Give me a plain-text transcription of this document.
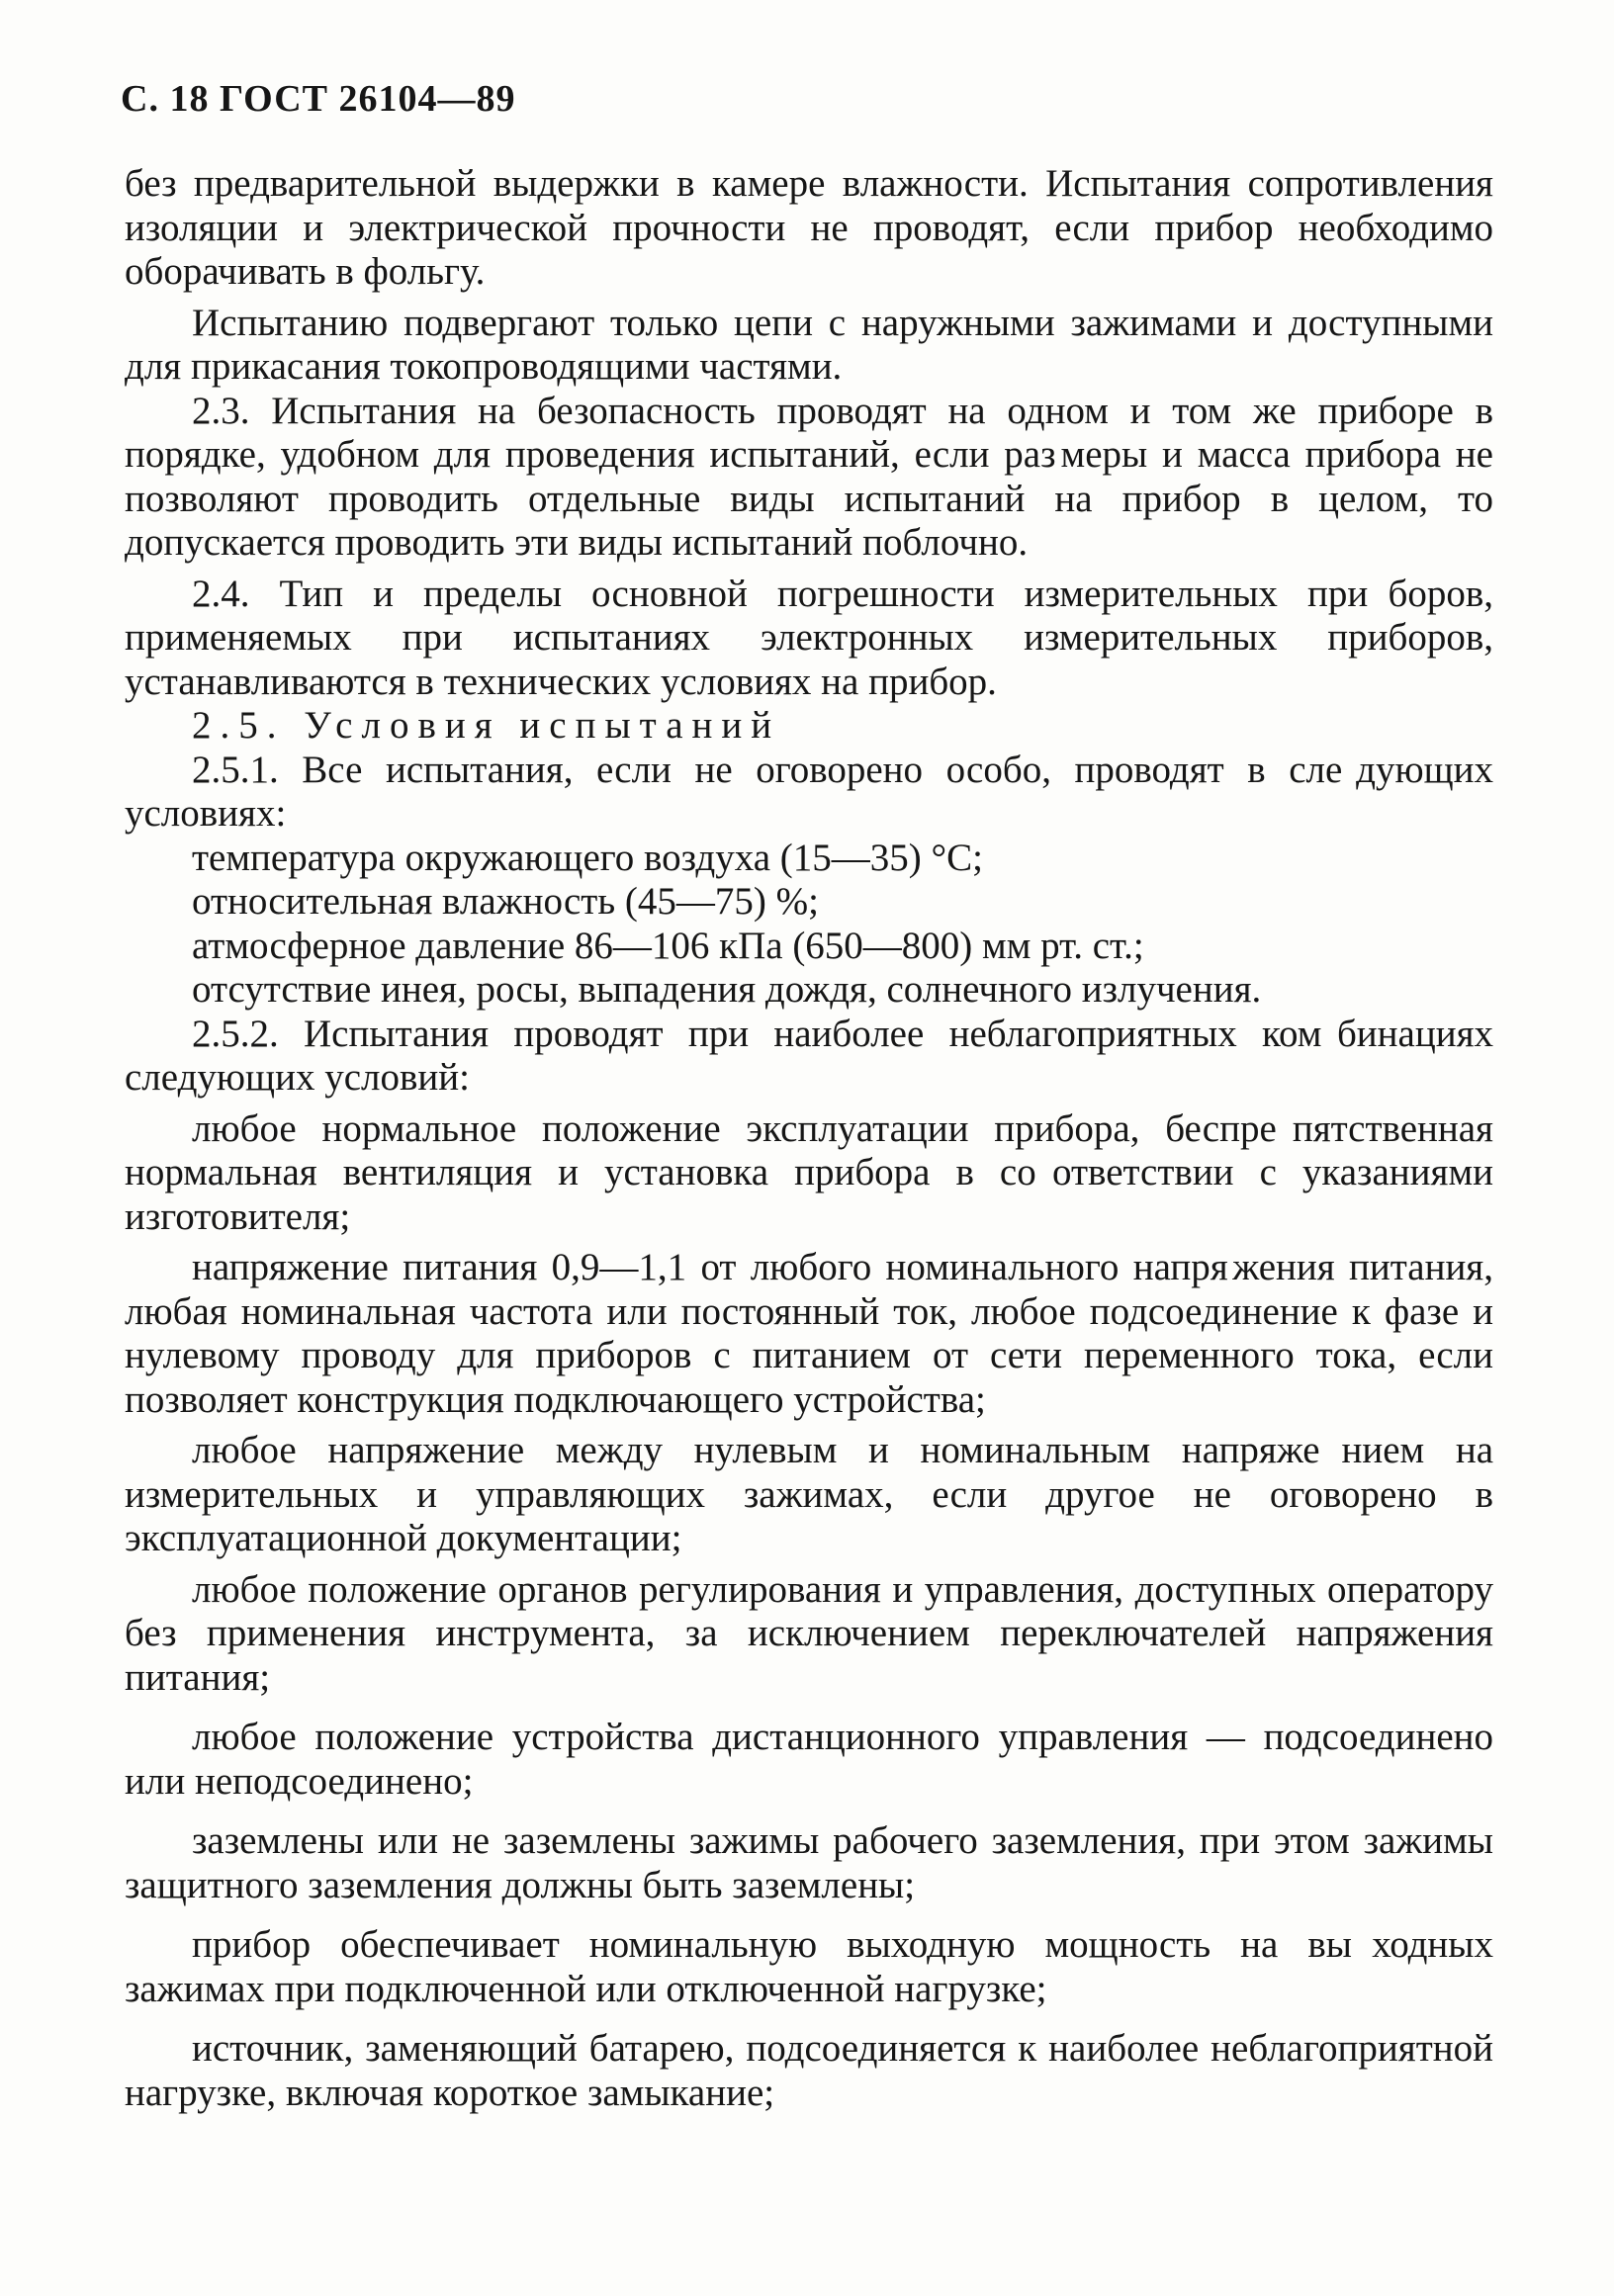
С. 18 ГОСТ 26104—89

без предварительной выдержки в камере влажности. Испытания сопротивления изоляции и электрической прочности не проводят, если прибор необходимо оборачивать в фольгу.

Испытанию подвергают только цепи с наружными зажимами и доступными для прикасания токопроводящими частями.

2.3. Испытания на безопасность проводят на одном и том же приборе в порядке, удобном для проведения испытаний, если раз меры и масса прибора не позволяют проводить отдельные виды испытаний на прибор в целом, то допускается проводить эти виды испытаний поблочно.

2.4. Тип и пределы основной погрешности измерительных при боров, применяемых при испытаниях электронных измерительных приборов, устанавливаются в технических условиях на прибор.

2.5. Условия испытаний

2.5.1. Все испытания, если не оговорено особо, проводят в сле дующих условиях:

температура окружающего воздуха (15—35) °С;

относительная влажность (45—75) %;

атмосферное давление 86—106 кПа (650—800) мм рт. ст.;

отсутствие инея, росы, выпадения дождя, солнечного излуче ния.

2.5.2. Испытания проводят при наиболее неблагоприятных ком бинациях следующих условий:

любое нормальное положение эксплуатации прибора, беспре пятственная нормальная вентиляция и установка прибора в со ответствии с указаниями изготовителя;

напряжение питания 0,9—1,1 от любого номинального напря жения питания, любая номинальная частота или постоянный ток, любое подсоединение к фазе и нулевому проводу для приборов с питанием от сети переменного тока, если позволяет конструкция подключающего устройства;

любое напряжение между нулевым и номинальным напряже нием на измерительных и управляющих зажимах, если другое не оговорено в эксплуатационной документации;

любое положение органов регулирования и управления, доступ ных оператору без применения инструмента, за исключением переключателей напряжения питания;

любое положение устройства дистанционного управления — подсоединено или неподсоединено;

заземлены или не заземлены зажимы рабочего заземления, при этом зажимы защитного заземления должны быть заземлены;

прибор обеспечивает номинальную выходную мощность на вы ходных зажимах при подключенной или отключенной нагрузке;

источник, заменяющий батарею, подсоединяется к наиболее неблагоприятной нагрузке, включая короткое замыкание;
